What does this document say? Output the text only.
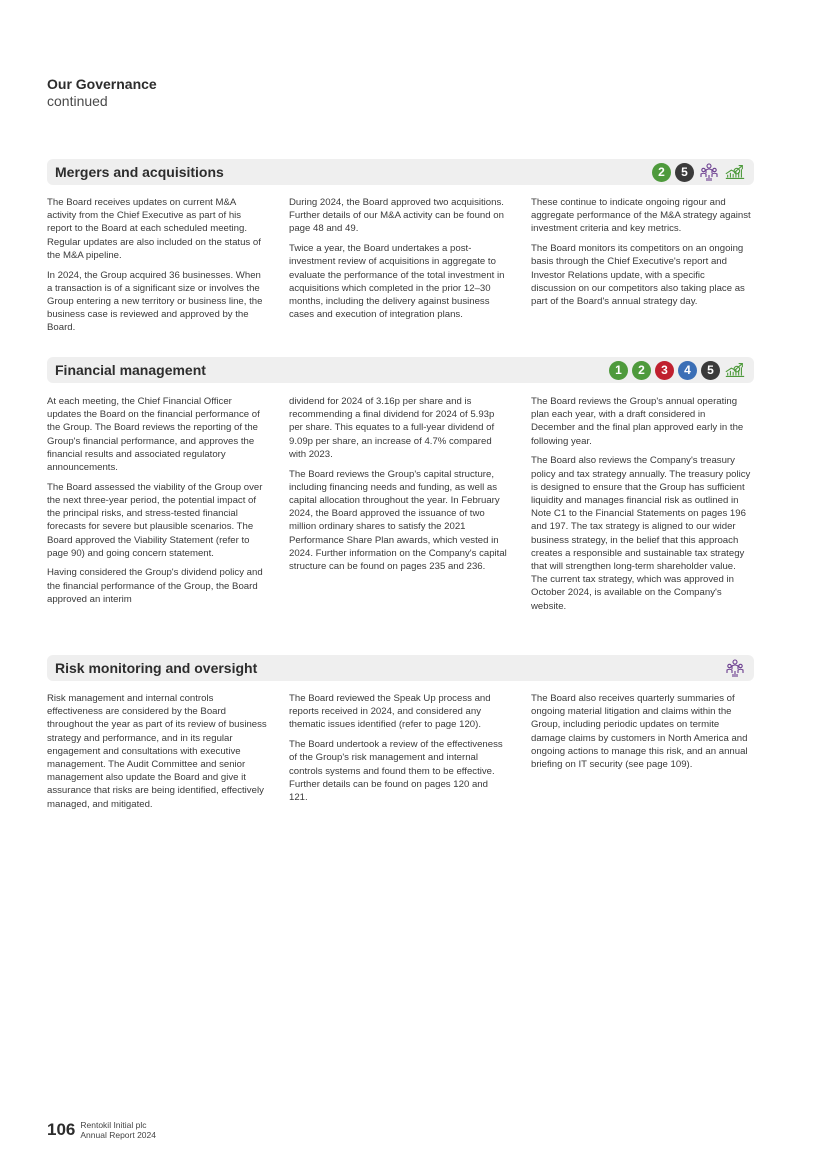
Our Governance
continued
Mergers and acquisitions	2	5

The Board receives updates on current M&A activity from the Chief Executive as part of his report to the Board at each scheduled meeting. Regular updates are also included on the status of the M&A pipeline.

In 2024, the Group acquired 36 businesses. When a transaction is of a significant size or involves the Group entering a new territory or business line, the business case is reviewed and approved by the Board.

During 2024, the Board approved two acquisitions. Further details of our M&A activity can be found on page 48 and 49.

Twice a year, the Board undertakes a post-investment review of acquisitions in aggregate to evaluate the performance of the total investment in acquisitions which completed in the prior 12–30 months, including the delivery against business cases and execution of integration plans.

These continue to indicate ongoing rigour and aggregate performance of the M&A strategy against investment criteria and key metrics.

The Board monitors its competitors on an ongoing basis through the Chief Executive's report and Investor Relations update, with a specific discussion on our competitors also taking place as part of the Board's annual strategy day.

Financial management	1	2	3	4	5

At each meeting, the Chief Financial Officer updates the Board on the financial performance of the Group. The Board reviews the reporting of the Group's financial performance, and approves the financial results and associated regulatory announcements.

The Board assessed the viability of the Group over the next three-year period, the potential impact of the principal risks, and stress-tested financial forecasts for severe but plausible scenarios. The Board approved the Viability Statement (refer to page 90) and going concern statement.

Having considered the Group's dividend policy and the financial performance of the Group, the Board approved an interim

dividend for 2024 of 3.16p per share and is recommending a final dividend for 2024 of 5.93p per share. This equates to a full-year dividend of 9.09p per share, an increase of 4.7% compared with 2023.

The Board reviews the Group's capital structure, including financing needs and funding, as well as capital allocation throughout the year. In February 2024, the Board approved the issuance of two million ordinary shares to satisfy the 2021 Performance Share Plan awards, which vested in 2024. Further information on the Company's capital structure can be found on pages 235 and 236.

The Board reviews the Group's annual operating plan each year, with a draft considered in December and the final plan approved early in the following year.

The Board also reviews the Company's treasury policy and tax strategy annually. The treasury policy is designed to ensure that the Group has sufficient liquidity and manages financial risk as outlined in Note C1 to the Financial Statements on pages 196 and 197. The tax strategy is aligned to our wider business strategy, in the belief that this approach creates a responsible and sustainable tax strategy that will strengthen long-term shareholder value. The current tax strategy, which was approved in October 2024, is available on the Company's website.

Risk monitoring and oversight

Risk management and internal controls effectiveness are considered by the Board throughout the year as part of its review of business strategy and performance, and in its regular engagement and consultations with executive management. The Audit Committee and senior management also update the Board and give it assurance that risks are being identified, effectively managed, and mitigated.

The Board reviewed the Speak Up process and reports received in 2024, and considered any thematic issues identified (refer to page 120).

The Board undertook a review of the effectiveness of the Group's risk management and internal controls systems and found them to be effective. Further details can be found on pages 120 and 121.

The Board also receives quarterly summaries of ongoing material litigation and claims within the Group, including periodic updates on termite damage claims by customers in North America and ongoing actions to manage this risk, and an annual briefing on IT security (see page 109).

106 Rentokil Initial plc
Annual Report 2024
